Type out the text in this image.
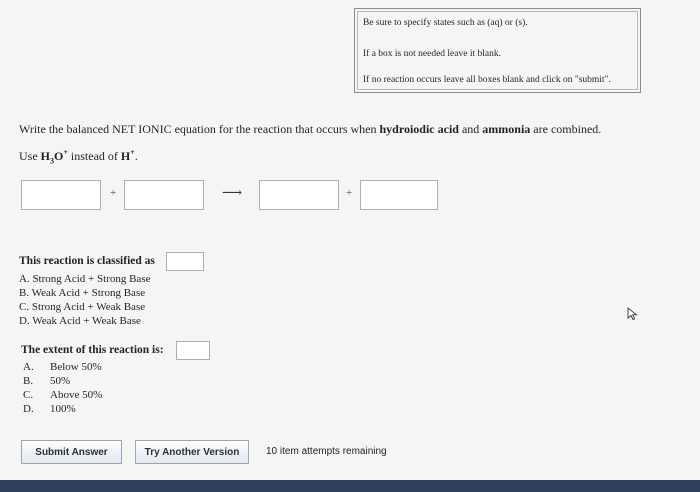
Be sure to specify states such as (aq) or (s).
If a box is not needed leave it blank.
If no reaction occurs leave all boxes blank and click on "submit".
Write the balanced NET IONIC equation for the reaction that occurs when hydroiodic acid and ammonia are combined.
Use $H_3O^+$ instead of H+.
+	⟶	+
This reaction is classified as
A. Strong Acid + Strong Base
B. Weak Acid + Strong Base
C. Strong Acid + Weak Base
D. Weak Acid + Weak Base
The extent of this reaction is:
A. Below 50%
B. 50%
C. Above 50%
D. 100%
Submit Answer	Try Another Version	10 item attempts remaining
